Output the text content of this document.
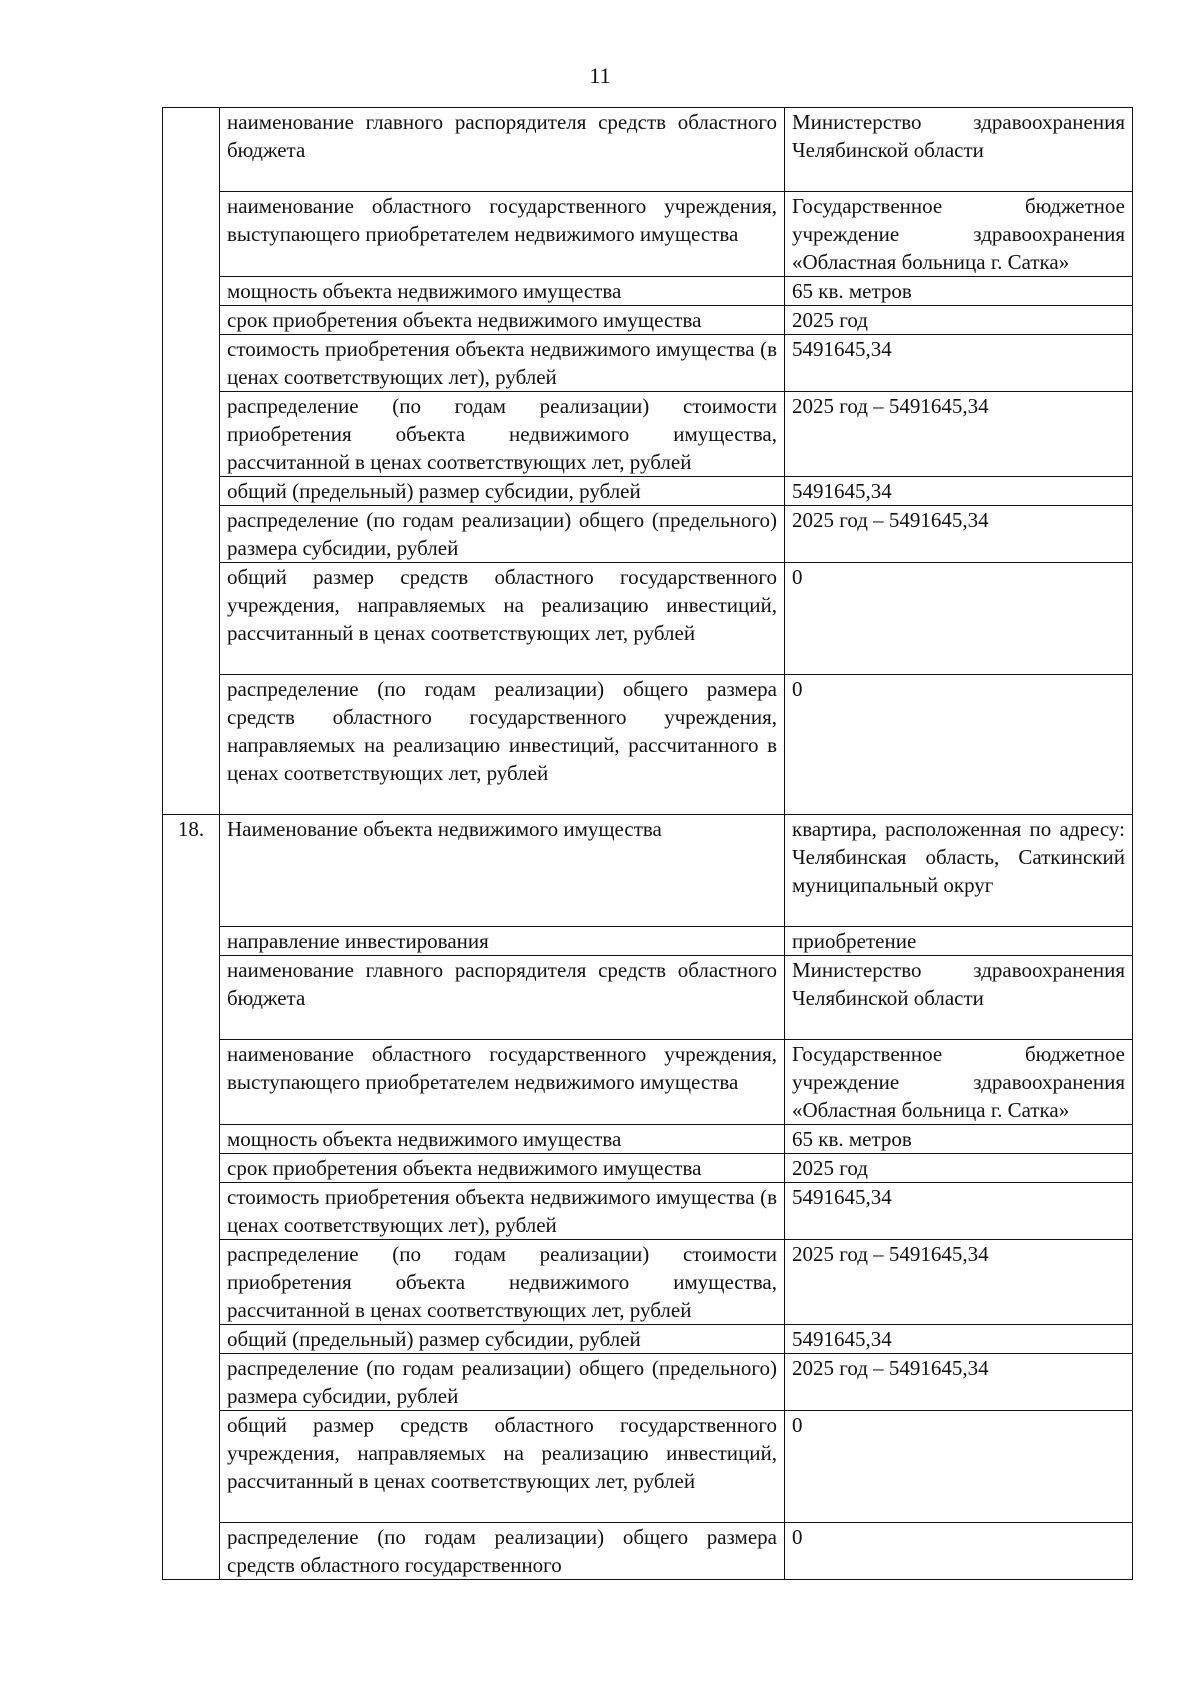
11
	наименование главного распорядителя средств областного бюджета	Министерство здравоохранения Челябинской области
	наименование областного государственного учреждения, выступающего приобретателем недвижимого имущества	Государственное бюджетное учреждение здравоохранения «Областная больница г. Сатка»
	мощность объекта недвижимого имущества	65 кв. метров
	срок приобретения объекта недвижимого имущества	2025 год
	стоимость приобретения объекта недвижимого имущества (в ценах соответствующих лет), рублей	5491645,34
	распределение (по годам реализации) стоимости приобретения объекта недвижимого имущества, рассчитанной в ценах соответствующих лет, рублей	2025 год – 5491645,34
	общий (предельный) размер субсидии, рублей	5491645,34
	распределение (по годам реализации) общего (предельного) размера субсидии, рублей	2025 год – 5491645,34
	общий размер средств областного государственного учреждения, направляемых на реализацию инвестиций, рассчитанный в ценах соответствующих лет, рублей	0
	распределение (по годам реализации) общего размера средств областного государственного учреждения, направляемых на реализацию инвестиций, рассчитанного в ценах соответствующих лет, рублей	0
18.	Наименование объекта недвижимого имущества	квартира, расположенная по адресу: Челябинская область, Саткинский муниципальный округ
	направление инвестирования	приобретение
	наименование главного распорядителя средств областного бюджета	Министерство здравоохранения Челябинской области
	наименование областного государственного учреждения, выступающего приобретателем недвижимого имущества	Государственное бюджетное учреждение здравоохранения «Областная больница г. Сатка»
	мощность объекта недвижимого имущества	65 кв. метров
	срок приобретения объекта недвижимого имущества	2025 год
	стоимость приобретения объекта недвижимого имущества (в ценах соответствующих лет), рублей	5491645,34
	распределение (по годам реализации) стоимости приобретения объекта недвижимого имущества, рассчитанной в ценах соответствующих лет, рублей	2025 год – 5491645,34
	общий (предельный) размер субсидии, рублей	5491645,34
	распределение (по годам реализации) общего (предельного) размера субсидии, рублей	2025 год – 5491645,34
	общий размер средств областного государственного учреждения, направляемых на реализацию инвестиций, рассчитанный в ценах соответствующих лет, рублей	0

	распределение (по годам реализации) общего размера средств областного государственного	0
